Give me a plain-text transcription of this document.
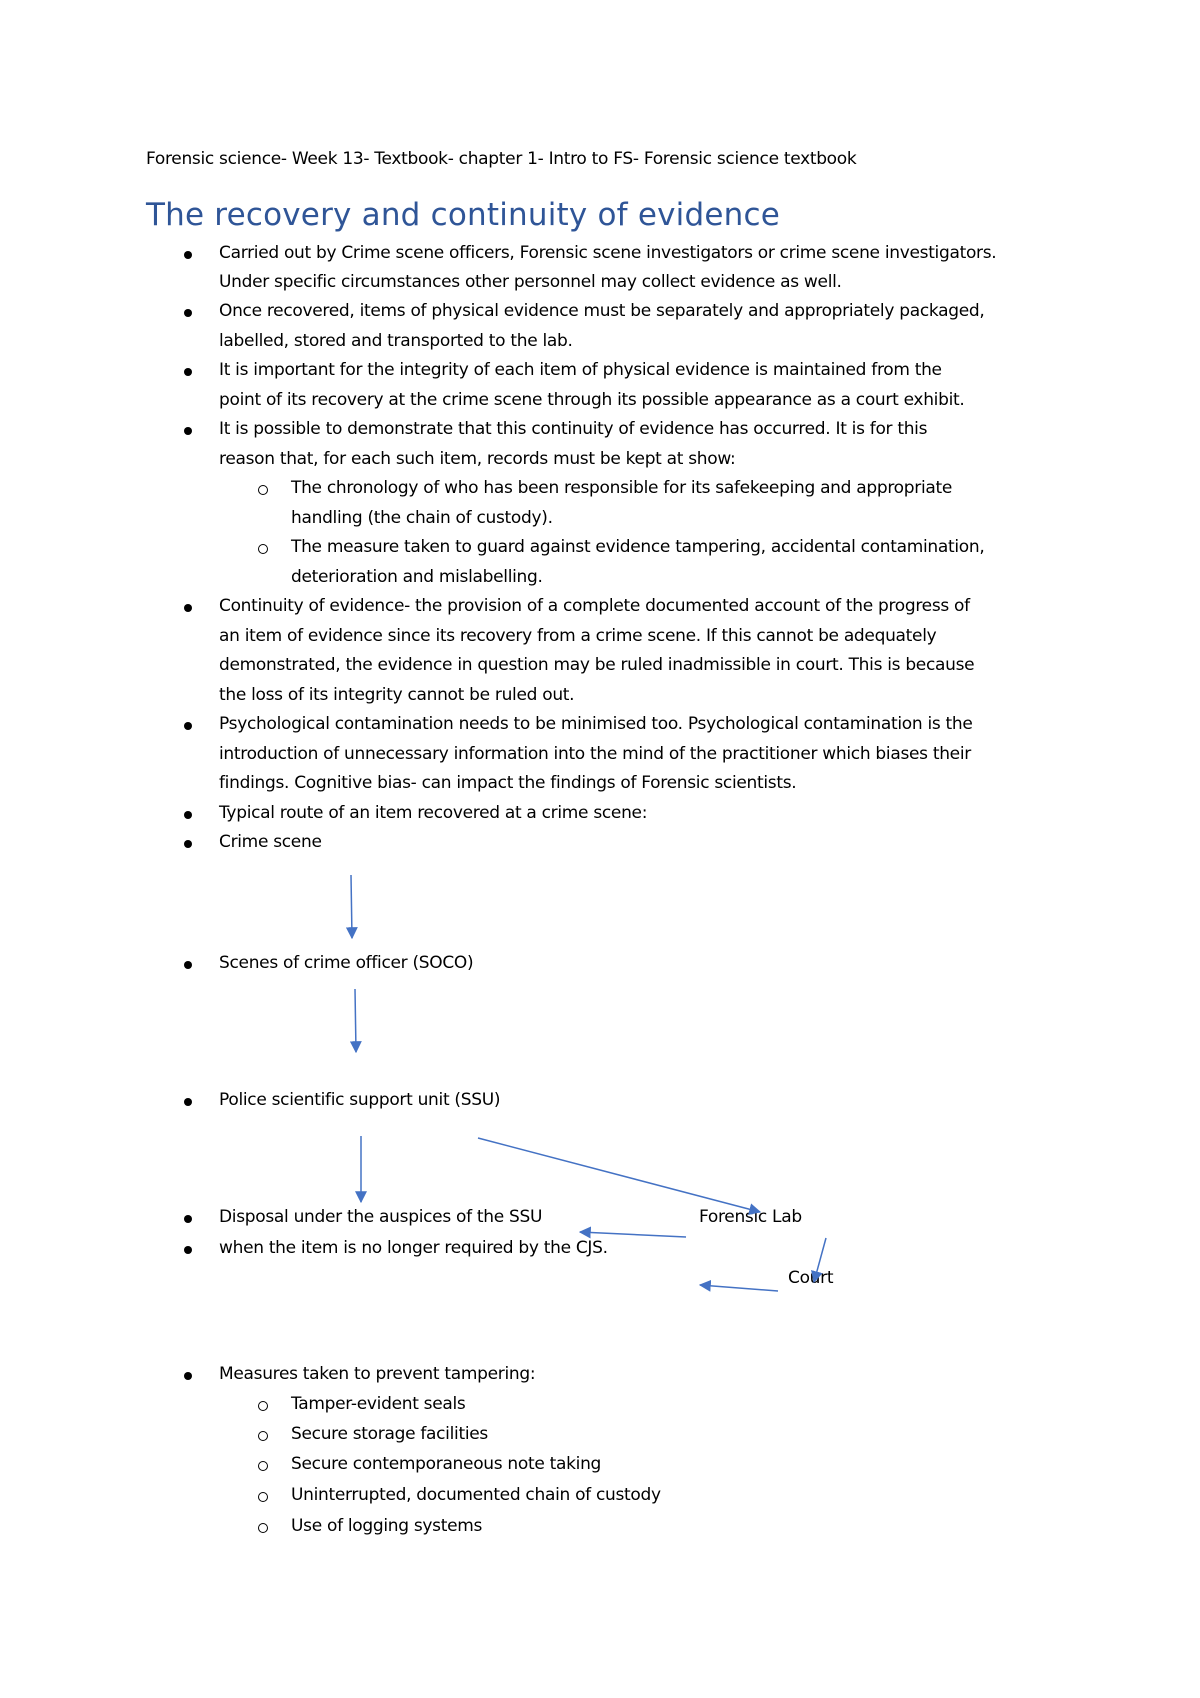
Forensic science- Week 13- Textbook- chapter 1- Intro to FS- Forensic science textbook
The recovery and continuity of evidence
Carried out by Crime scene officers, Forensic scene investigators or crime scene investigators.
Under specific circumstances other personnel may collect evidence as well.
Once recovered, items of physical evidence must be separately and appropriately packaged,
labelled, stored and transported to the lab.
It is important for the integrity of each item of physical evidence is maintained from the
point of its recovery at the crime scene through its possible appearance as a court exhibit.
It is possible to demonstrate that this continuity of evidence has occurred. It is for this
reason that, for each such item, records must be kept at show:
The chronology of who has been responsible for its safekeeping and appropriate
handling (the chain of custody).
The measure taken to guard against evidence tampering, accidental contamination,
deterioration and mislabelling.
Continuity of evidence- the provision of a complete documented account of the progress of
an item of evidence since its recovery from a crime scene. If this cannot be adequately
demonstrated, the evidence in question may be ruled inadmissible in court. This is because
the loss of its integrity cannot be ruled out.
Psychological contamination needs to be minimised too. Psychological contamination is the
introduction of unnecessary information into the mind of the practitioner which biases their
findings. Cognitive bias- can impact the findings of Forensic scientists.
Typical route of an item recovered at a crime scene:
Crime scene
Scenes of crime officer (SOCO)
Police scientific support unit (SSU)
Disposal under the auspices of the SSU	Forensic Lab
when the item is no longer required by the CJS.
Court
Measures taken to prevent tampering:
Tamper-evident seals
Secure storage facilities
Secure contemporaneous note taking
Uninterrupted, documented chain of custody
Use of logging systems
